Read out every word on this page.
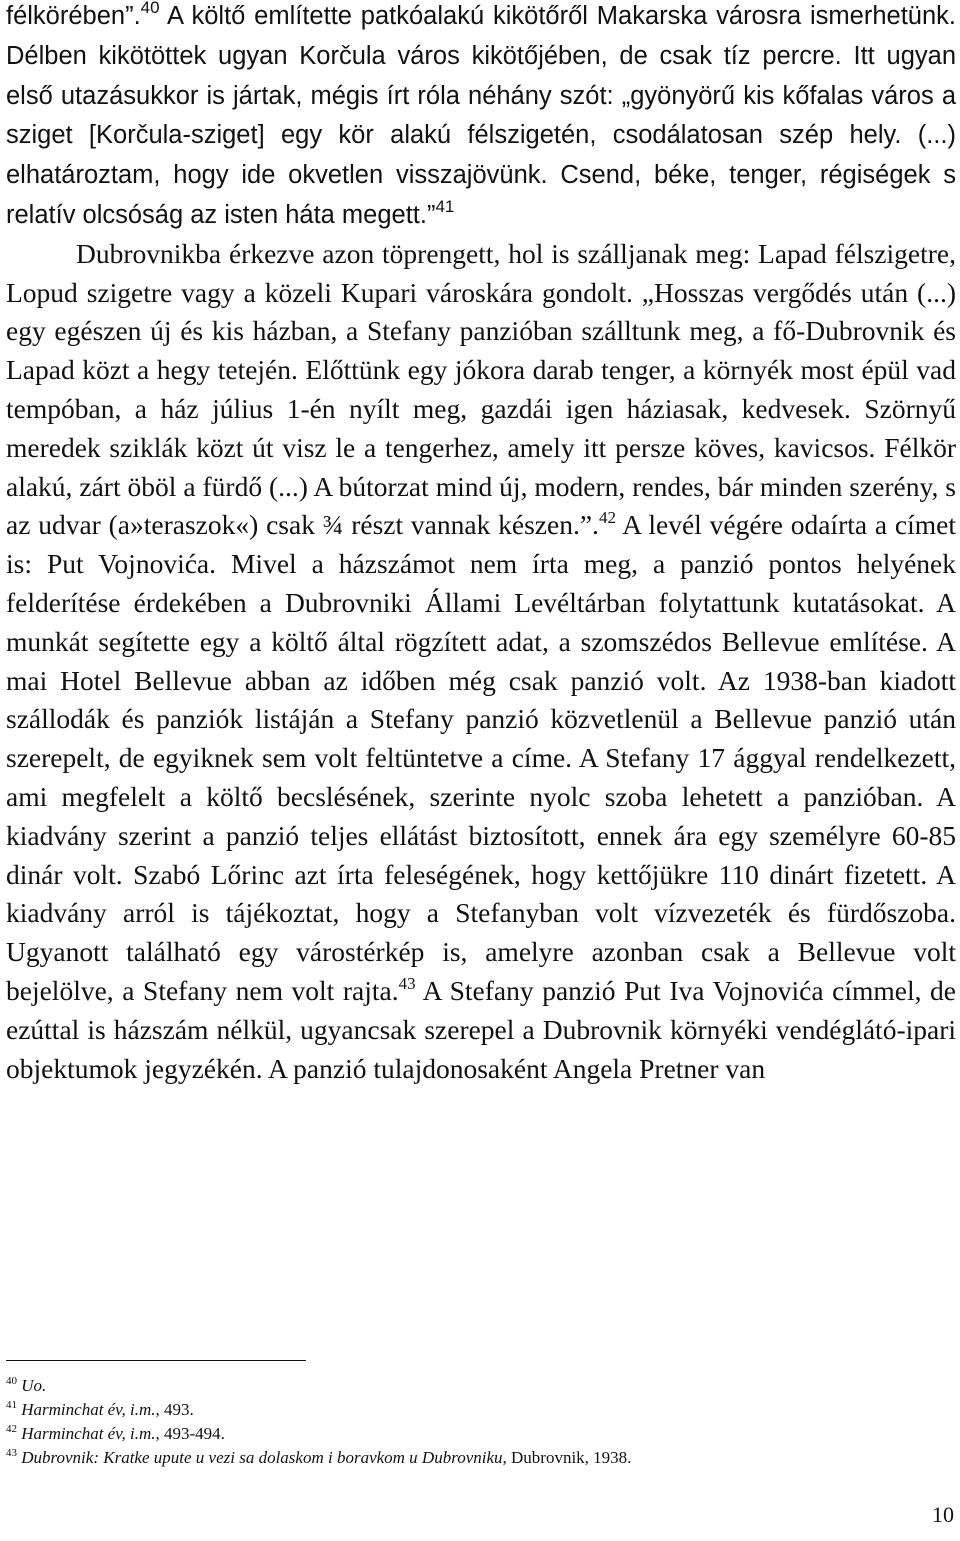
félkörében”.$^{40}$ A költő említette patkóalakú kikötőről Makarska városra ismerhetünk. Délben kikötöttek ugyan Korčula város kikötőjében, de csak tíz percre. Itt ugyan első utazásukkor is jártak, mégis írt róla néhány szót: „gyönyörű kis kőfalas város a sziget [Korčula-sziget] egy kör alakú félszigetén, csodálatosan szép hely. (...) elhatároztam, hogy ide okvetlen visszajövünk. Csend, béke, tenger, régiségek s relatív olcsóság az isten háta megett.”$^{41}$
Dubrovnikba érkezve azon töprengett, hol is szálljanak meg: Lapad félszigetre, Lopud szigetre vagy a közeli Kupari városkára gondolt. „Hosszas vergődés után (...) egy egészen új és kis házban, a Stefany panzióban szálltunk meg, a fő-Dubrovnik és Lapad közt a hegy tetején. Előttünk egy jókora darab tenger, a környék most épül vad tempóban, a ház július 1-én nyílt meg, gazdái igen háziasak, kedvesek. Szörnyű meredek sziklák közt út visz le a tengerhez, amely itt persze köves, kavicsos. Félkör alakú, zárt öböl a fürdő (...) A bútorzat mind új, modern, rendes, bár minden szerény, s az udvar (a»teraszok«) csak ¾ részt vannak készen.”.$^{42}$ A levél végére odaírta a címet is: Put Vojnovića. Mivel a házszámot nem írta meg, a panzió pontos helyének felderítése érdekében a Dubrovniki Állami Levéltárban folytattunk kutatásokat. A munkát segítette egy a költő által rögzített adat, a szomszédos Bellevue említése. A mai Hotel Bellevue abban az időben még csak panzió volt. Az 1938-ban kiadott szállodák és panziók listáján a Stefany panzió közvetlenül a Bellevue panzió után szerepelt, de egyiknek sem volt feltüntetve a címe. A Stefany 17 ággyal rendelkezett, ami megfelelt a költő becslésének, szerinte nyolc szoba lehetett a panzióban. A kiadvány szerint a panzió teljes ellátást biztosított, ennek ára egy személyre 60-85 dinár volt. Szabó Lőrinc azt írta feleségének, hogy kettőjükre 110 dinárt fizetett. A kiadvány arról is tájékoztat, hogy a Stefanyban volt vízvezeték és fürdőszoba. Ugyanott található egy várostérkép is, amelyre azonban csak a Bellevue volt bejelölve, a Stefany nem volt rajta.$^{43}$ A Stefany panzió Put Iva Vojnovića címmel, de ezúttal is házszám nélkül, ugyancsak szerepel a Dubrovnik környéki vendéglátó-ipari objektumok jegyzékén. A panzió tulajdonosaként Angela Pretner van

$^{40}$ Uo.

$^{41}$ Harminchat év, i.m., 493.

$^{42}$ Harminchat év, i.m., 493-494.

$^{43}$ Dubrovnik: Kratke upute u vezi sa dolaskom i boravkom u Dubrovniku, Dubrovnik, 1938.

10
